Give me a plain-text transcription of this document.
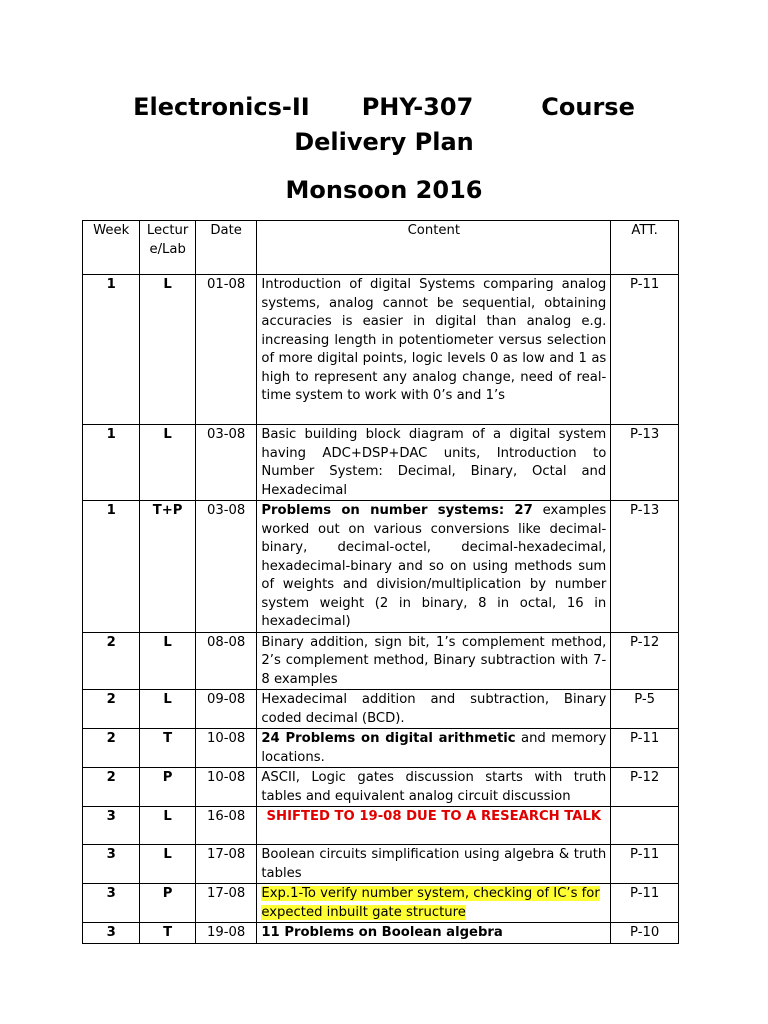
Electronics-II PHY-307	Course
Delivery Plan
Monsoon 2016
Week	Lecture/Lab	Date	Content	ATT.
1	L	01-08	Introduction of digital Systems comparing analog systems, analog cannot be sequential, obtaining accuracies is easier in digital than analog e.g. increasing length in potentiometer versus selection of more digital points, logic levels 0 as low and 1 as high to represent any analog change, need of real-time system to work with 0’s and 1’s	P-11
1	L	03-08	Basic building block diagram of a digital system having ADC+DSP+DAC units, Introduction to Number System: Decimal, Binary, Octal and Hexadecimal	P-13
1	T+P	03-08	Problems on number systems: 27 examples worked out on various conversions like decimal-binary, decimal-octel, decimal-hexadecimal, hexadecimal-binary and so on using methods sum of weights and division/multiplication by number system weight (2 in binary, 8 in octal, 16 in hexadecimal)	P-13
2	L	08-08	Binary addition, sign bit, 1’s complement method, 2’s complement method, Binary subtraction with 7-8 examples	P-12
2	L	09-08	Hexadecimal addition and subtraction, Binary coded decimal (BCD).	P-5
2	T	10-08	24 Problems on digital arithmetic and memory locations.	P-11
2	P	10-08	ASCII, Logic gates discussion starts with truth tables and equivalent analog circuit discussion	P-12
3	L	16-08	SHIFTED TO 19-08 DUE TO A RESEARCH TALK	
3	L	17-08	Boolean circuits simplification using algebra & truth tables	P-11
3	P	17-08	Exp.1-To verify number system, checking of IC’s for expected inbuilt gate structure	P-11
3	T	19-08	11 Problems on Boolean algebra	P-10
